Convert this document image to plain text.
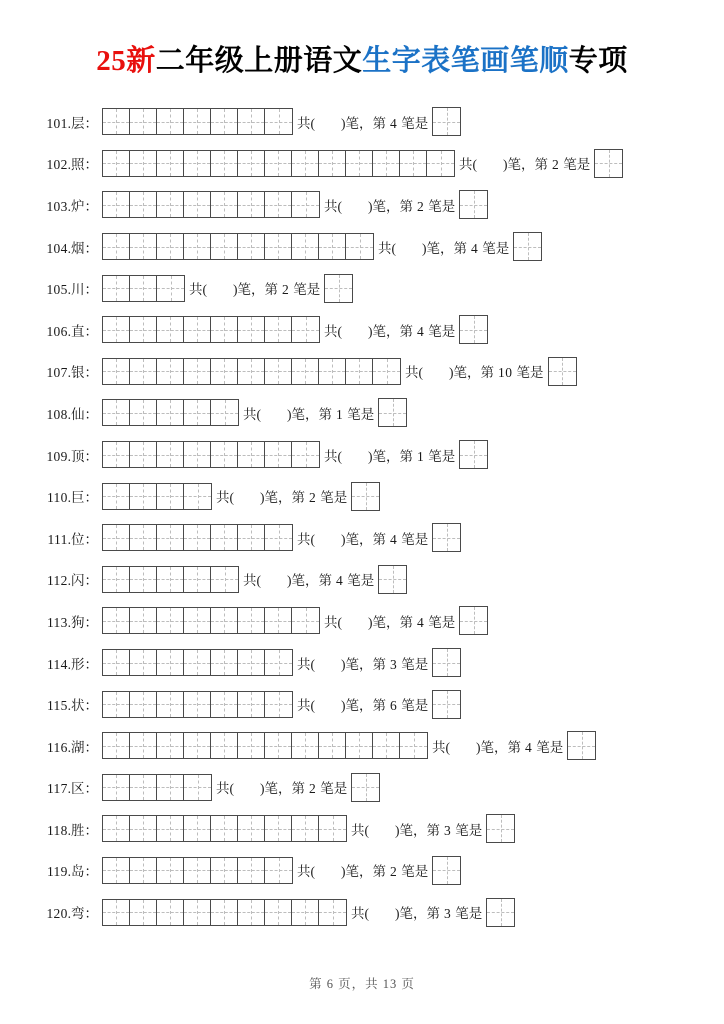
25新二年级上册语文生字表笔画笔顺专项
101.层：	共( )笔，第 4 笔是
102.照：	共( )笔，第 2 笔是
103.炉：	共( )笔，第 2 笔是
104.烟：	共( )笔，第 4 笔是
105.川：	共( )笔，第 2 笔是
106.直：	共( )笔，第 4 笔是
107.银：	共( )笔，第 10 笔是
108.仙：	共( )笔，第 1 笔是
109.顶：	共( )笔，第 1 笔是
110.巨：	共( )笔，第 2 笔是
111.位：	共( )笔，第 4 笔是
112.闪：	共( )笔，第 4 笔是
113.狗：	共( )笔，第 4 笔是
114.形：	共( )笔，第 3 笔是
115.状：	共( )笔，第 6 笔是
116.湖：	共( )笔，第 4 笔是
117.区：	共( )笔，第 2 笔是
118.胜：	共( )笔，第 3 笔是
119.岛：	共( )笔，第 2 笔是
120.弯：	共( )笔，第 3 笔是
第 6 页，共 13 页
